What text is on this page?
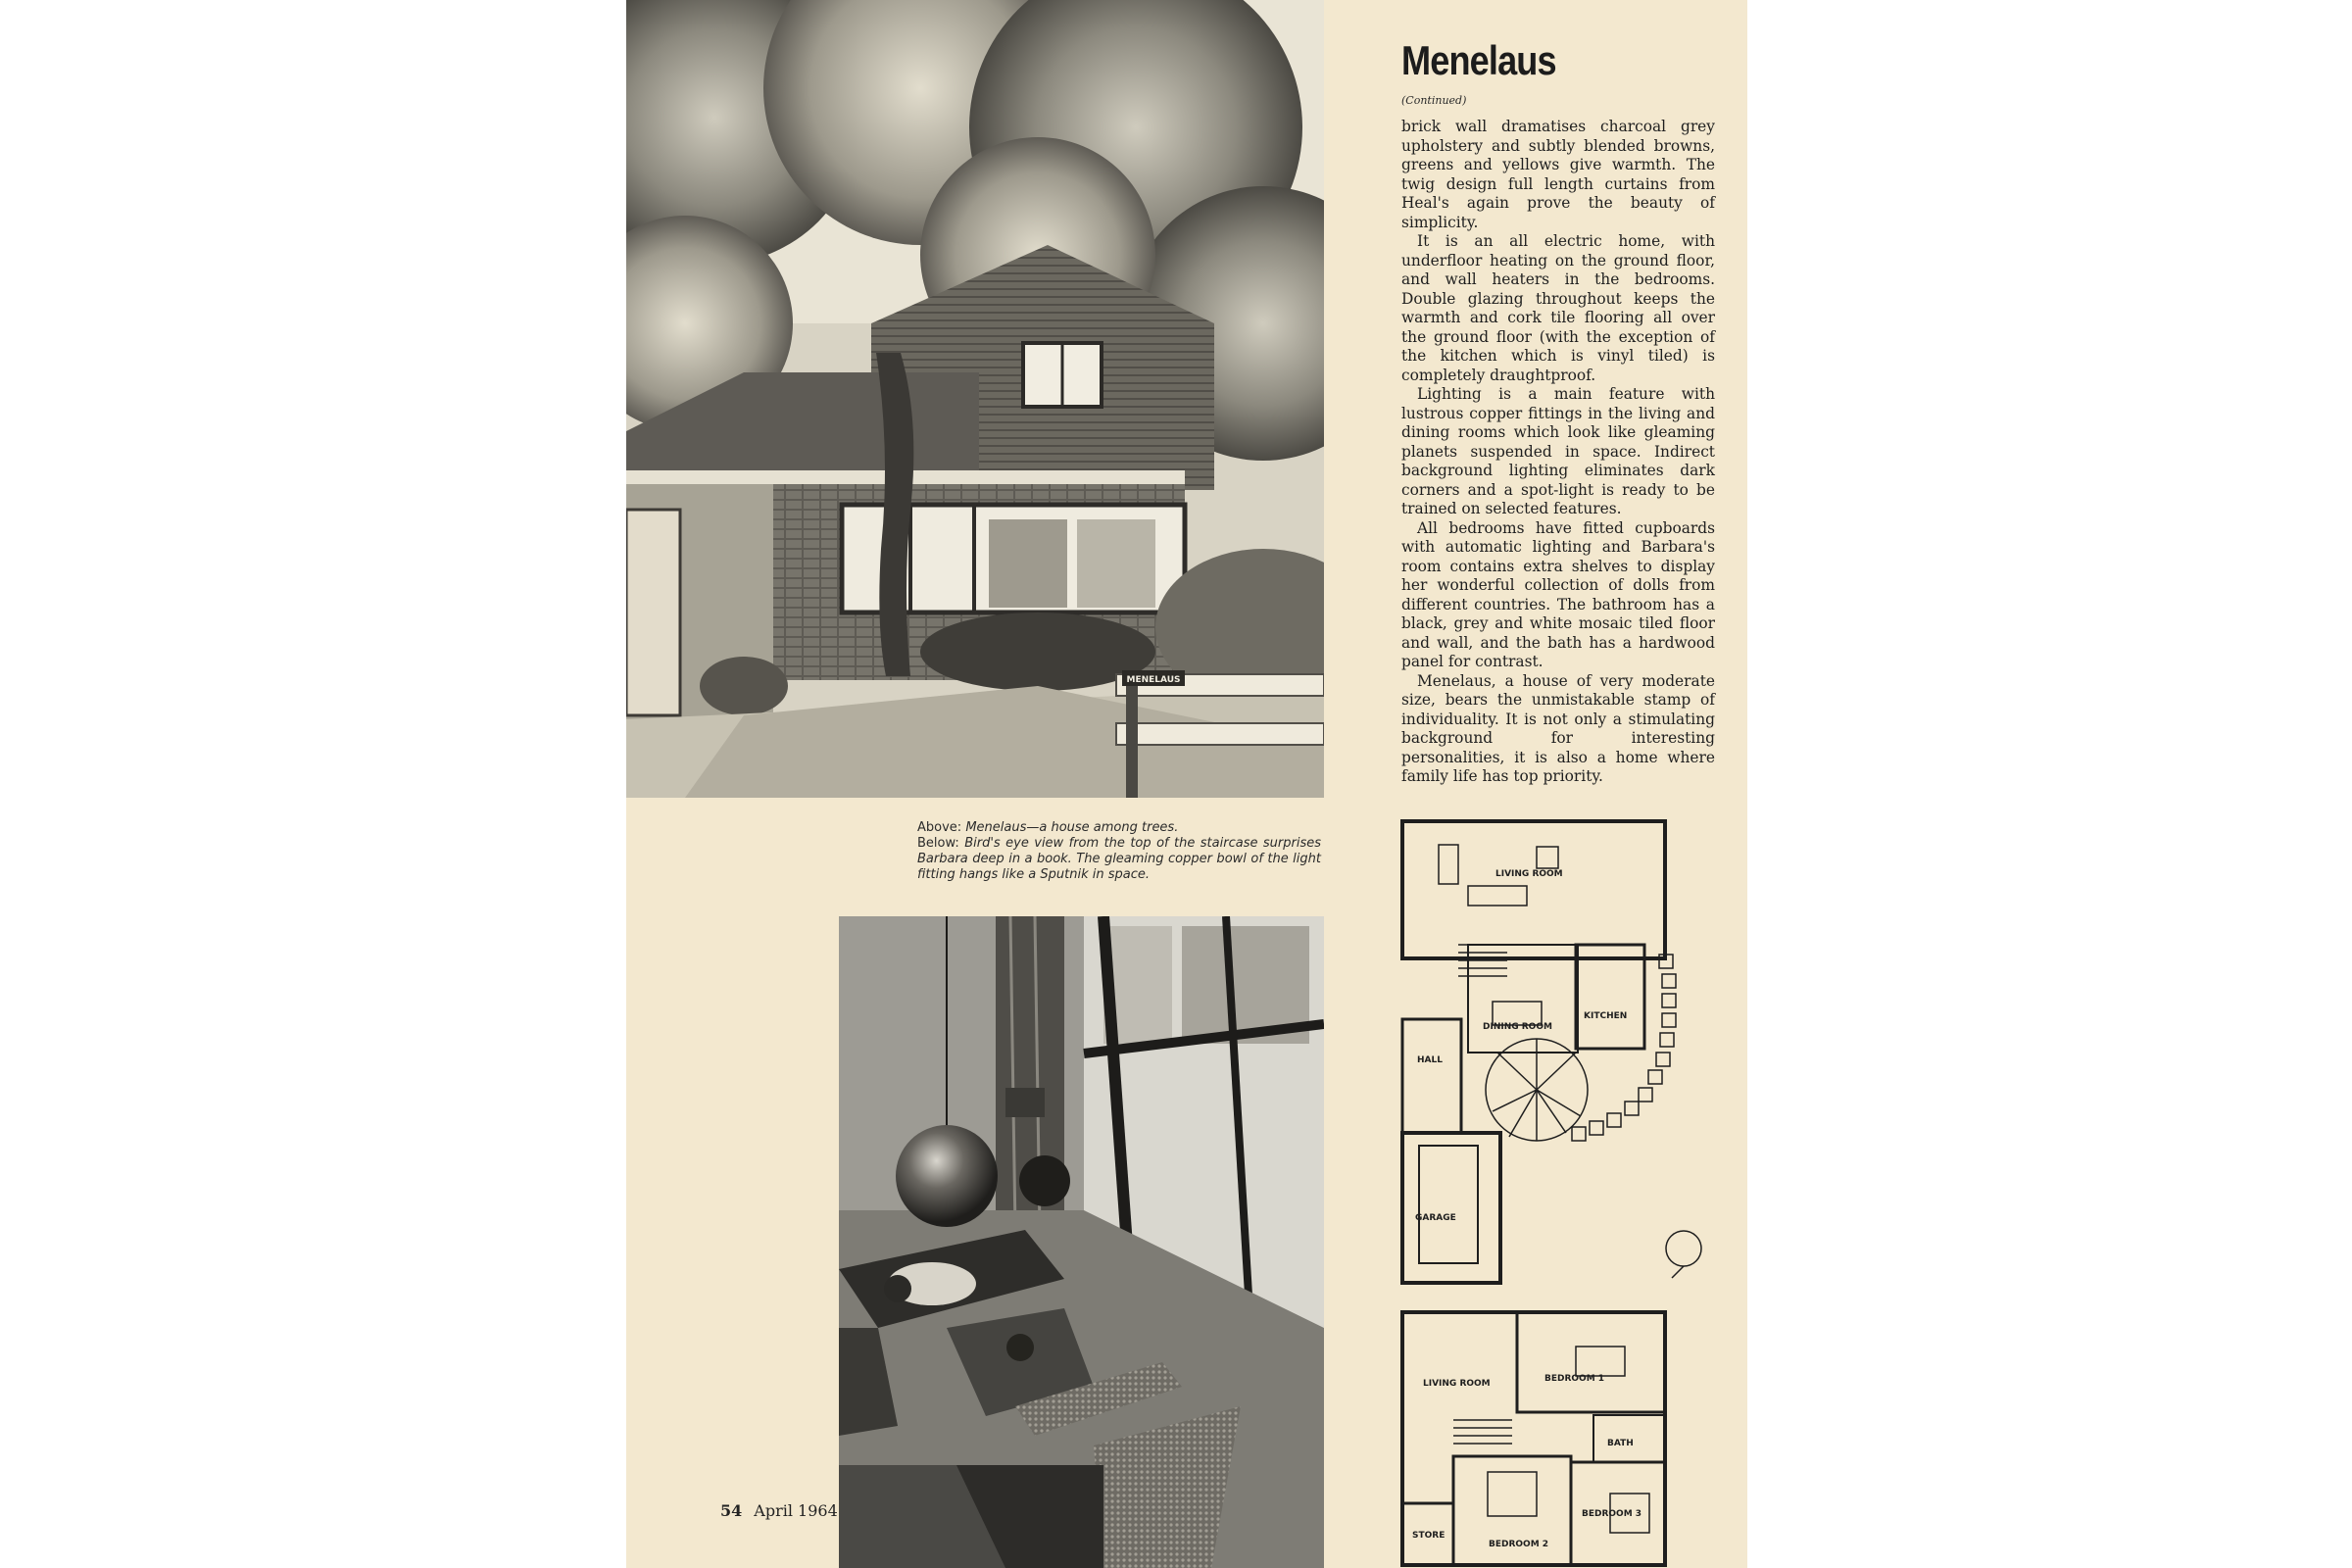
MENELAUS
Above: Menelaus—a house among trees.
Below: Bird's eye view from the top of the staircase surprises Barbara deep in a book. The gleaming copper bowl of the light fitting hangs like a Sputnik in space.
Menelaus
(Continued)

brick wall dramatises charcoal grey upholstery and subtly blended browns, greens and yellows give warmth. The twig design full length curtains from Heal's again prove the beauty of simplicity.

It is an all electric home, with underfloor heating on the ground floor, and wall heaters in the bedrooms. Double glazing throughout keeps the warmth and cork tile flooring all over the ground floor (with the exception of the kitchen which is vinyl tiled) is completely draughtproof.

Lighting is a main feature with lustrous copper fittings in the living and dining rooms which look like gleaming planets suspended in space. Indirect background lighting eliminates dark corners and a spot-light is ready to be trained on selected features.

All bedrooms have fitted cupboards with automatic lighting and Barbara's room contains extra shelves to display her wonderful collection of dolls from different countries. The bathroom has a black, grey and white mosaic tiled floor and wall, and the bath has a hardwood panel for contrast.

Menelaus, a house of very moderate size, bears the unmistakable stamp of individuality. It is not only a stimulating background for interesting personalities, it is also a home where family life has top priority.

LIVING ROOM
KITCHEN
DINING ROOM
HALL
GARAGE
LIVING ROOM	BEDROOM 1
BATH
STORE
BEDROOM 3
BEDROOM 2
54 April 1964
